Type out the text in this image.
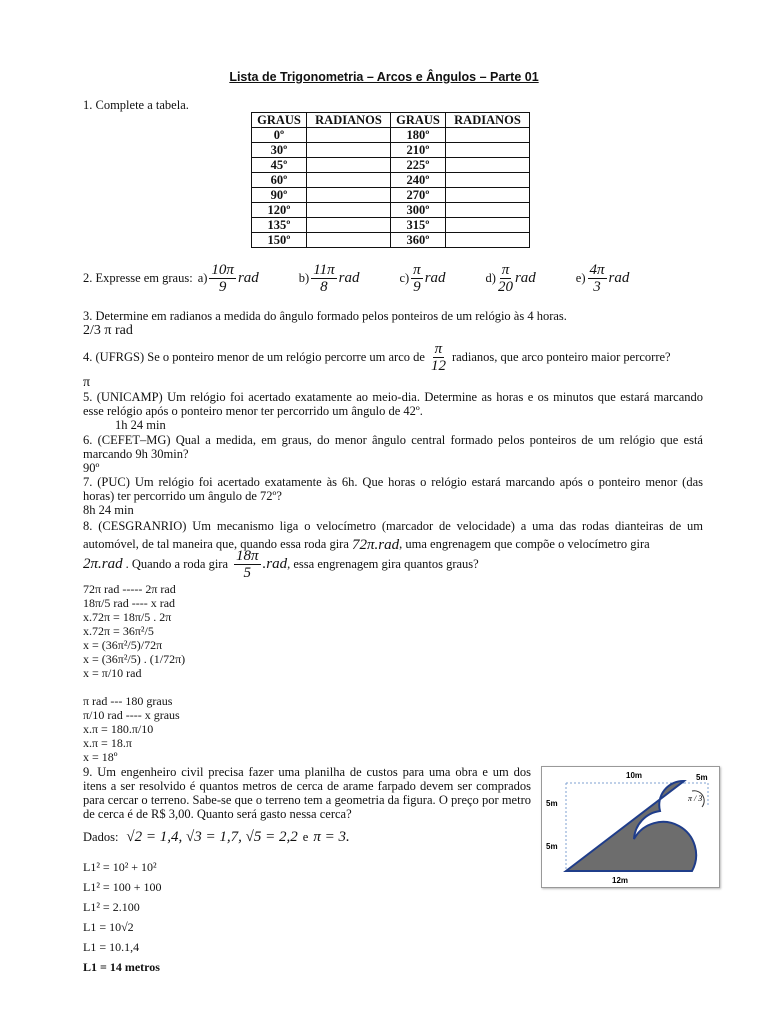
Lista de Trigonometria – Arcos e Ângulos – Parte 01
1. Complete a tabela.
GRAUS	RADIANOS	GRAUS	RADIANOS
0º		180º	
30º		210º	
45º		225º	
60º		240º	
90º		270º	
120º		300º	
135º		315º	
150º		360º	
2. Expresse em graus: $a) \frac{10\pi}{9}$ rad	$b) \frac{11\pi}{8}$ rad	$c) \frac{\pi}{9}$ rad	$d) \frac{\pi}{20}$ rad	$e) \frac{4\pi}{3}$ rad
3. Determine em radianos a medida do ângulo formado pelos ponteiros de um relógio às 4 horas.
2/3 π rad
4. (UFRGS) Se o ponteiro menor de um relógio percorre um arco de $\frac{\pi}{12}$ radianos, que arco ponteiro maior percorre?
π
5. (UNICAMP) Um relógio foi acertado exatamente ao meio-dia. Determine as horas e os minutos que estará marcando esse relógio após o ponteiro menor ter percorrido um ângulo de 42º.
1h 24 min
6. (CEFET–MG) Qual a medida, em graus, do menor ângulo central formado pelos ponteiros de um relógio que está marcando 9h 30min?
90º
7. (PUC) Um relógio foi acertado exatamente às 6h. Que horas o relógio estará marcando após o ponteiro menor (das horas) ter percorrido um ângulo de 72º?
8h 24 min
8. (CESGRANRIO) Um mecanismo liga o velocímetro (marcador de velocidade) a uma das rodas dianteiras de um automóvel, de tal maneira que, quando essa roda gira 72π.rad, uma engrenagem que compõe o velocímetro gira
2π.rad . Quando a roda gira $\frac{18\pi}{5} .rad$ , essa engrenagem gira quantos graus?
72π rad ----- 2π rad
18π/5 rad ---- x rad
x.72π = 18π/5 . 2π
x.72π = 36π²/5
x = (36π²/5)/72π
x = (36π²/5) . (1/72π)
x = π/10 rad
π rad --- 180 graus
π/10 rad ---- x graus
x.π = 180.π/10
x.π = 18.π
x = 18º
9. Um engenheiro civil precisa fazer uma planilha de custos para uma obra e um dos itens a ser resolvido é quantos metros de cerca de arame farpado devem ser comprados para cercar o terreno. Sabe-se que o terreno tem a geometria da figura. O preço por metro de cerca é de R$ 3,00. Quanto será gasto nessa cerca?
Dados: √2 = 1,4, √3 = 1,7, √5 = 2,2 e π = 3.
10m	5m
5m
5m
12m
π / 3
L1² = 10² + 10²
L1² = 100 + 100
L1² = 2.100
L1 = 10√2
L1 = 10.1,4
L1 = 14 metros
